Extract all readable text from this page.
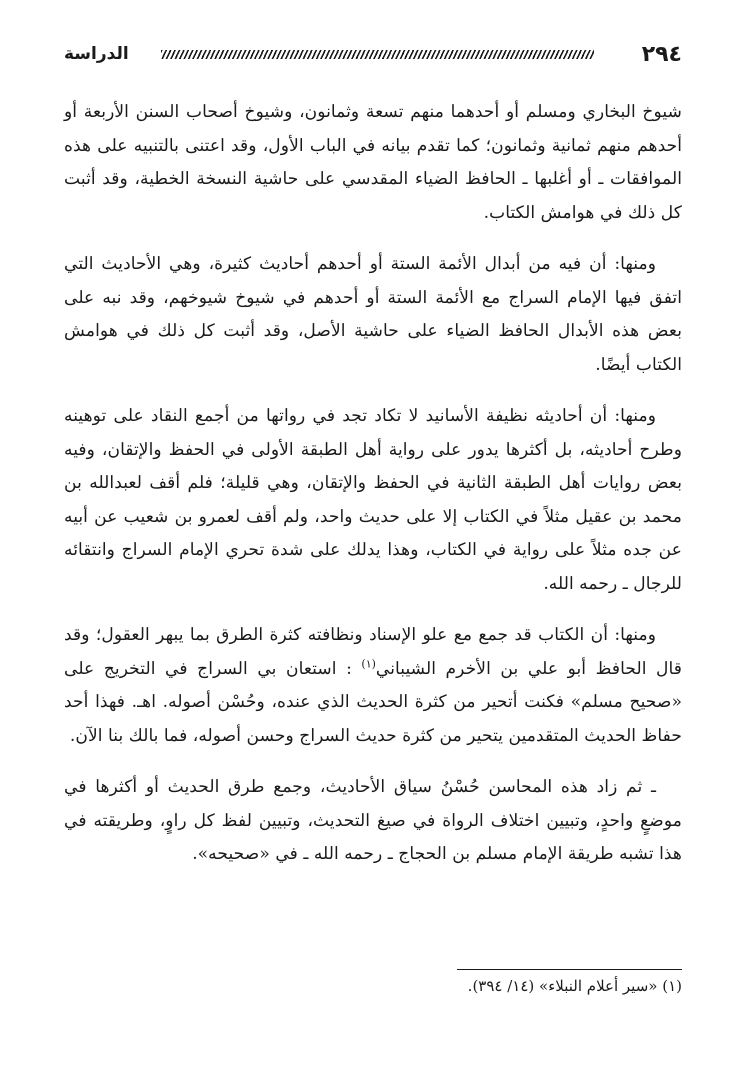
٢٩٤
الدراسة

شيوخ البخاري ومسلم أو أحدهما منهم تسعة وثمانون، وشيوخ أصحاب السنن الأربعة أو أحدهم منهم ثمانية وثمانون؛ كما تقدم بيانه في الباب الأول، وقد اعتنى بالتنبيه على هذه الموافقات ـ أو أغلبها ـ الحافظ الضياء المقدسي على حاشية النسخة الخطية، وقد أثبت كل ذلك في هوامش الكتاب.

ومنها: أن فيه من أبدال الأئمة الستة أو أحدهم أحاديث كثيرة، وهي الأحاديث التي اتفق فيها الإمام السراج مع الأئمة الستة أو أحدهم في شيوخ شيوخهم، وقد نبه على بعض هذه الأبدال الحافظ الضياء على حاشية الأصل، وقد أثبت كل ذلك في هوامش الكتاب أيضًا.

ومنها: أن أحاديثه نظيفة الأسانيد لا تكاد تجد في رواتها من أجمع النقاد على توهينه وطرح أحاديثه، بل أكثرها يدور على رواية أهل الطبقة الأولى في الحفظ والإتقان، وفيه بعض روايات أهل الطبقة الثانية في الحفظ والإتقان، وهي قليلة؛ فلم أقف لعبدالله بن محمد بن عقيل مثلاً في الكتاب إلا على حديث واحد، ولم أقف لعمرو بن شعيب عن أبيه عن جده مثلاً على رواية في الكتاب، وهذا يدلك على شدة تحري الإمام السراج وانتقائه للرجال ـ رحمه الله.

ومنها: أن الكتاب قد جمع مع علو الإسناد ونظافته كثرة الطرق بما يبهر العقول؛ وقد قال الحافظ أبو علي بن الأخرم الشيباني$^{(١)}$ : استعان بي السراج في التخريج على «صحيح مسلم» فكنت أتحير من كثرة الحديث الذي عنده، وحُسْن أصوله. اهـ. فهذا أحد حفاظ الحديث المتقدمين يتحير من كثرة حديث السراج وحسن أصوله، فما بالك بنا الآن.

ـ ثم زاد هذه المحاسن حُسْنُ سياق الأحاديث، وجمع طرق الحديث أو أكثرها في موضعٍ واحدٍ، وتبيين اختلاف الرواة في صيغ التحديث، وتبيين لفظ كل راوٍ، وطريقته في هذا تشبه طريقة الإمام مسلم بن الحجاج ـ رحمه الله ـ في «صحيحه».

(١) «سير أعلام النبلاء» (١٤/ ٣٩٤).
